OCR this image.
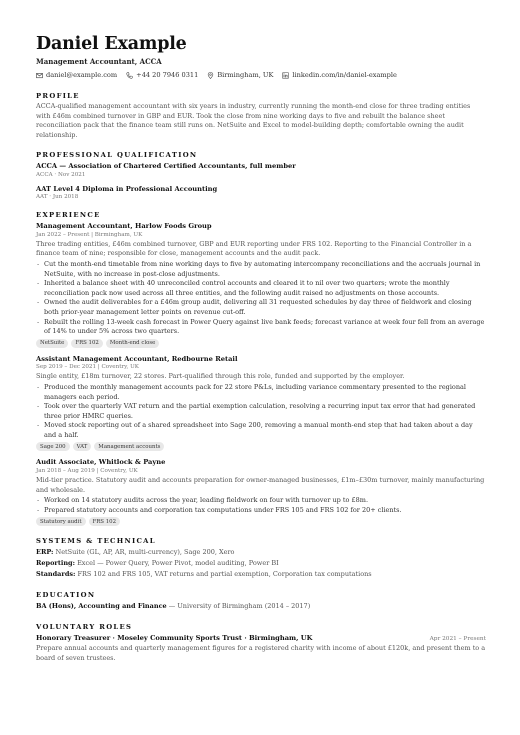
Daniel Example
Management Accountant, ACCA
daniel@example.com	+44 20 7946 0311	Birmingham, UK	linkedin.com/in/daniel-example
PROFILE
ACCA-qualified management accountant with six years in industry, currently running the month-end close for three trading entities with £46m combined turnover in GBP and EUR. Took the close from nine working days to five and rebuilt the balance sheet reconciliation pack that the finance team still runs on. NetSuite and Excel to model-building depth; comfortable owning the audit relationship.
PROFESSIONAL QUALIFICATION
ACCA — Association of Chartered Certified Accountants, full member
ACCA · Nov 2021
AAT Level 4 Diploma in Professional Accounting
AAT · Jun 2018
EXPERIENCE
Management Accountant, Harlow Foods Group
Jan 2022 – Present | Birmingham, UK
Three trading entities, £46m combined turnover, GBP and EUR reporting under FRS 102. Reporting to the Financial Controller in a finance team of nine; responsible for close, management accounts and the audit pack.
- Cut the month-end timetable from nine working days to five by automating intercompany reconciliations and the accruals journal in NetSuite, with no increase in post-close adjustments.
- Inherited a balance sheet with 40 unreconciled control accounts and cleared it to nil over two quarters; wrote the monthly reconciliation pack now used across all three entities, and the following audit raised no adjustments on those accounts.
- Owned the audit deliverables for a £46m group audit, delivering all 31 requested schedules by day three of fieldwork and closing both prior-year management letter points on revenue cut-off.
- Rebuilt the rolling 13-week cash forecast in Power Query against live bank feeds; forecast variance at week four fell from an average of 14% to under 5% across two quarters.
NetSuite	FRS 102	Month-end close
Assistant Management Accountant, Redbourne Retail
Sep 2019 – Dec 2021 | Coventry, UK
Single entity, £18m turnover, 22 stores. Part-qualified through this role, funded and supported by the employer.
- Produced the monthly management accounts pack for 22 store P&Ls, including variance commentary presented to the regional managers each period.
- Took over the quarterly VAT return and the partial exemption calculation, resolving a recurring input tax error that had generated three prior HMRC queries.
- Moved stock reporting out of a shared spreadsheet into Sage 200, removing a manual month-end step that had taken about a day and a half.
Sage 200	VAT	Management accounts
Audit Associate, Whitlock & Payne
Jan 2018 – Aug 2019 | Coventry, UK
Mid-tier practice. Statutory audit and accounts preparation for owner-managed businesses, £1m–£30m turnover, mainly manufacturing and wholesale.
- Worked on 14 statutory audits across the year, leading fieldwork on four with turnover up to £8m.
- Prepared statutory accounts and corporation tax computations under FRS 105 and FRS 102 for 20+ clients.
Statutory audit	FRS 102
SYSTEMS & TECHNICAL
ERP: NetSuite (GL, AP, AR, multi-currency), Sage 200, Xero
Reporting: Excel — Power Query, Power Pivot, model auditing, Power BI
Standards: FRS 102 and FRS 105, VAT returns and partial exemption, Corporation tax computations
EDUCATION
BA (Hons), Accounting and Finance — University of Birmingham (2014 – 2017)
VOLUNTARY ROLES
Honorary Treasurer · Moseley Community Sports Trust · Birmingham, UK	Apr 2021 – Present
Prepare annual accounts and quarterly management figures for a registered charity with income of about £120k, and present them to a board of seven trustees.
